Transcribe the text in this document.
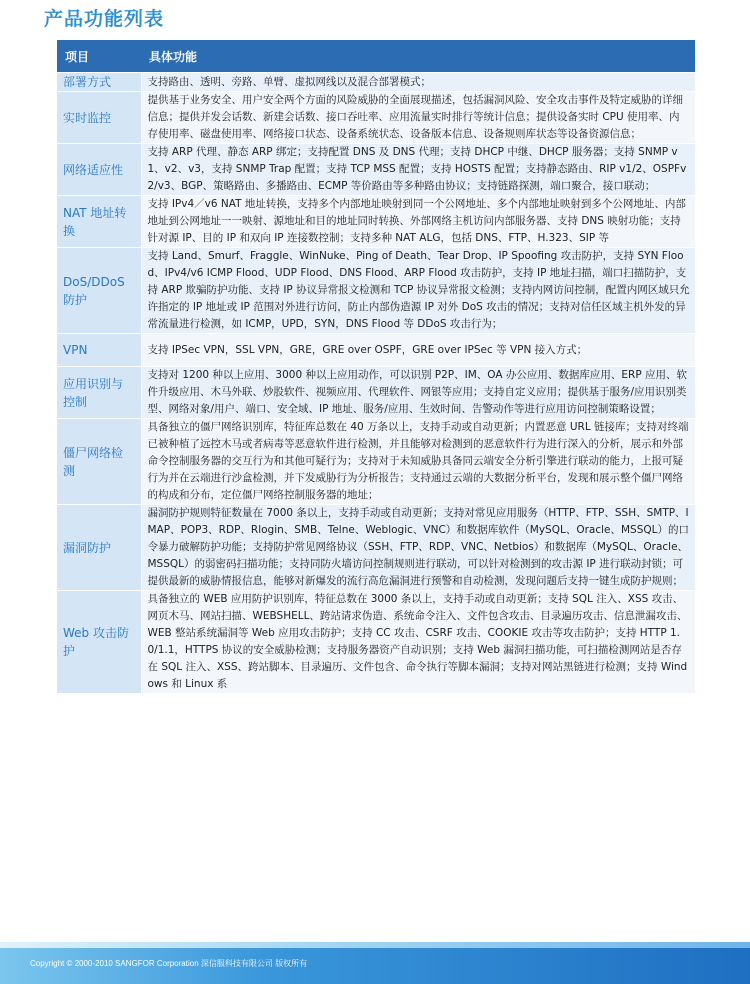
产品功能列表
项目	具体功能
部署方式	支持路由、透明、旁路、单臂、虚拟网线以及混合部署模式；
实时监控	提供基于业务安全、用户安全两个方面的风险威胁的全面展现描述，包括漏洞风险、安全攻击事件及特定威胁的详细信息；提供并发会话数、新建会话数、接口吞吐率、应用流量实时排行等统计信息；提供设备实时 CPU 使用率、内存使用率、磁盘使用率、网络接口状态、设备系统状态、设备版本信息、设备规则库状态等设备资源信息；
网络适应性	支持 ARP 代理、静态 ARP 绑定；支持配置 DNS 及 DNS 代理；支持 DHCP 中继、DHCP 服务器；支持 SNMP v1、v2、v3，支持 SNMP Trap 配置；支持 TCP MSS 配置；支持 HOSTS 配置；支持静态路由、RIP v1/2、OSPFv2/v3、BGP、策略路由、多播路由、ECMP 等价路由等多种路由协议；支持链路探测，端口聚合，接口联动；
NAT 地址转换	支持 IPv4／v6 NAT 地址转换，支持多个内部地址映射到同一个公网地址、多个内部地址映射到多个公网地址、内部地址到公网地址一一映射、源地址和目的地址同时转换、外部网络主机访问内部服务器、支持 DNS 映射功能；支持针对源 IP、目的 IP 和双向 IP 连接数控制；支持多种 NAT ALG，包括 DNS、FTP、H.323、SIP 等
DoS/DDoS 防护	支持 Land、Smurf、Fraggle、WinNuke、Ping of Death、Tear Drop、IP Spoofing 攻击防护，支持 SYN Flood、IPv4/v6 ICMP Flood、UDP Flood、DNS Flood、ARP Flood 攻击防护，支持 IP 地址扫描，端口扫描防护，支持 ARP 欺骗防护功能、支持 IP 协议异常报文检测和 TCP 协议异常报文检测；支持内网访问控制，配置内网区域只允许指定的 IP 地址或 IP 范围对外进行访问，防止内部伪造源 IP 对外 DoS 攻击的情况；支持对信任区域主机外发的异常流量进行检测，如 ICMP，UPD，SYN，DNS Flood 等 DDoS 攻击行为；
VPN	支持 IPSec VPN，SSL VPN，GRE，GRE over OSPF，GRE over IPSec 等 VPN 接入方式；
应用识别与控制	支持对 1200 种以上应用、3000 种以上应用动作，可以识别 P2P、IM、OA 办公应用、数据库应用、ERP 应用、软件升级应用、木马外联、炒股软件、视频应用、代理软件、网银等应用；支持自定义应用；提供基于服务/应用识别类型、网络对象/用户、端口、安全域、IP 地址、服务/应用、生效时间、告警动作等进行应用访问控制策略设置；
僵尸网络检测	具备独立的僵尸网络识别库，特征库总数在 40 万条以上，支持手动或自动更新；内置恶意 URL 链接库；支持对终端已被种植了远控木马或者病毒等恶意软件进行检测，并且能够对检测到的恶意软件行为进行深入的分析，展示和外部命令控制服务器的交互行为和其他可疑行为；支持对于未知威胁具备同云端安全分析引擎进行联动的能力，上报可疑行为并在云端进行沙盒检测，并下发威胁行为分析报告；支持通过云端的大数据分析平台，发现和展示整个僵尸网络的构成和分布，定位僵尸网络控制服务器的地址；
漏洞防护	漏洞防护规则特征数量在 7000 条以上，支持手动或自动更新；支持对常见应用服务（HTTP、FTP、SSH、SMTP、IMAP、POP3、RDP、Rlogin、SMB、Telne、Weblogic、VNC）和数据库软件（MySQL、Oracle、MSSQL）的口令暴力破解防护功能；支持防护常见网络协议（SSH、FTP、RDP、VNC、Netbios）和数据库（MySQL、Oracle、MSSQL）的弱密码扫描功能；支持同防火墙访问控制规则进行联动，可以针对检测到的攻击源 IP 进行联动封锁；可提供最新的威胁情报信息，能够对新爆发的流行高危漏洞进行预警和自动检测，发现问题后支持一键生成防护规则；
Web 攻击防护	具备独立的 WEB 应用防护识别库，特征总数在 3000 条以上，支持手动或自动更新；支持 SQL 注入、XSS 攻击、网页木马、网站扫描、WEBSHELL、跨站请求伪造、系统命令注入、文件包含攻击、目录遍历攻击、信息泄漏攻击、WEB 整站系统漏洞等 Web 应用攻击防护；支持 CC 攻击、CSRF 攻击、COOKIE 攻击等攻击防护；支持 HTTP 1.0/1.1，HTTPS 协议的安全威胁检测；支持服务器资产自动识别；支持 Web 漏洞扫描功能，可扫描检测网站是否存在 SQL 注入、XSS、跨站脚本、目录遍历、文件包含、命令执行等脚本漏洞；支持对网站黑链进行检测；支持 Windows 和 Linux 系
Copyright © 2000-2010 SANGFOR Corporation 深信服科技有限公司 版权所有
